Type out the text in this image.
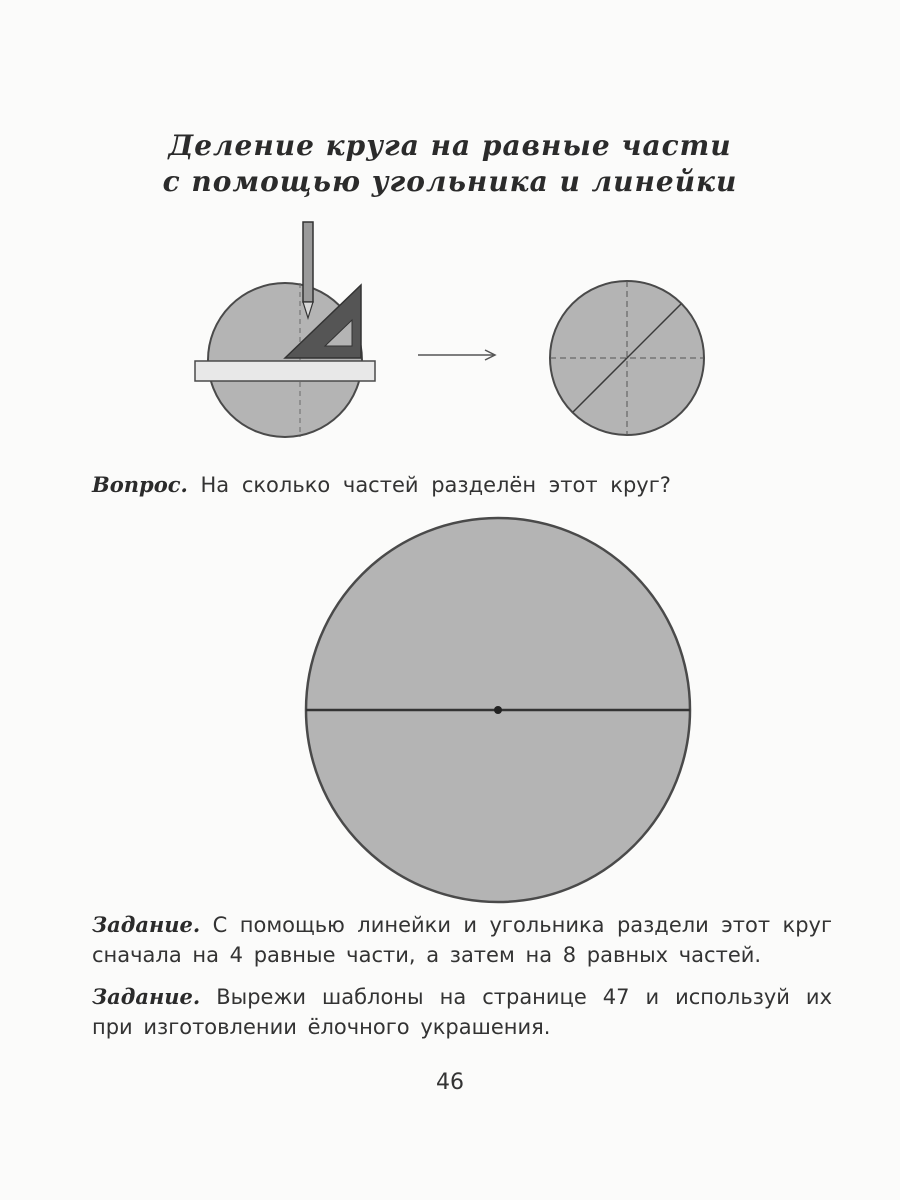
Деление круга на равные части
с помощью угольника и линейки
Вопрос. На сколько частей разделён этот круг?
Задание. С помощью линейки и угольника раздели этот круг сначала на 4 равные части, а затем на 8 равных частей.
Задание. Вырежи шаблоны на странице 47 и используй их при изготовлении ёлочного украшения.
46
